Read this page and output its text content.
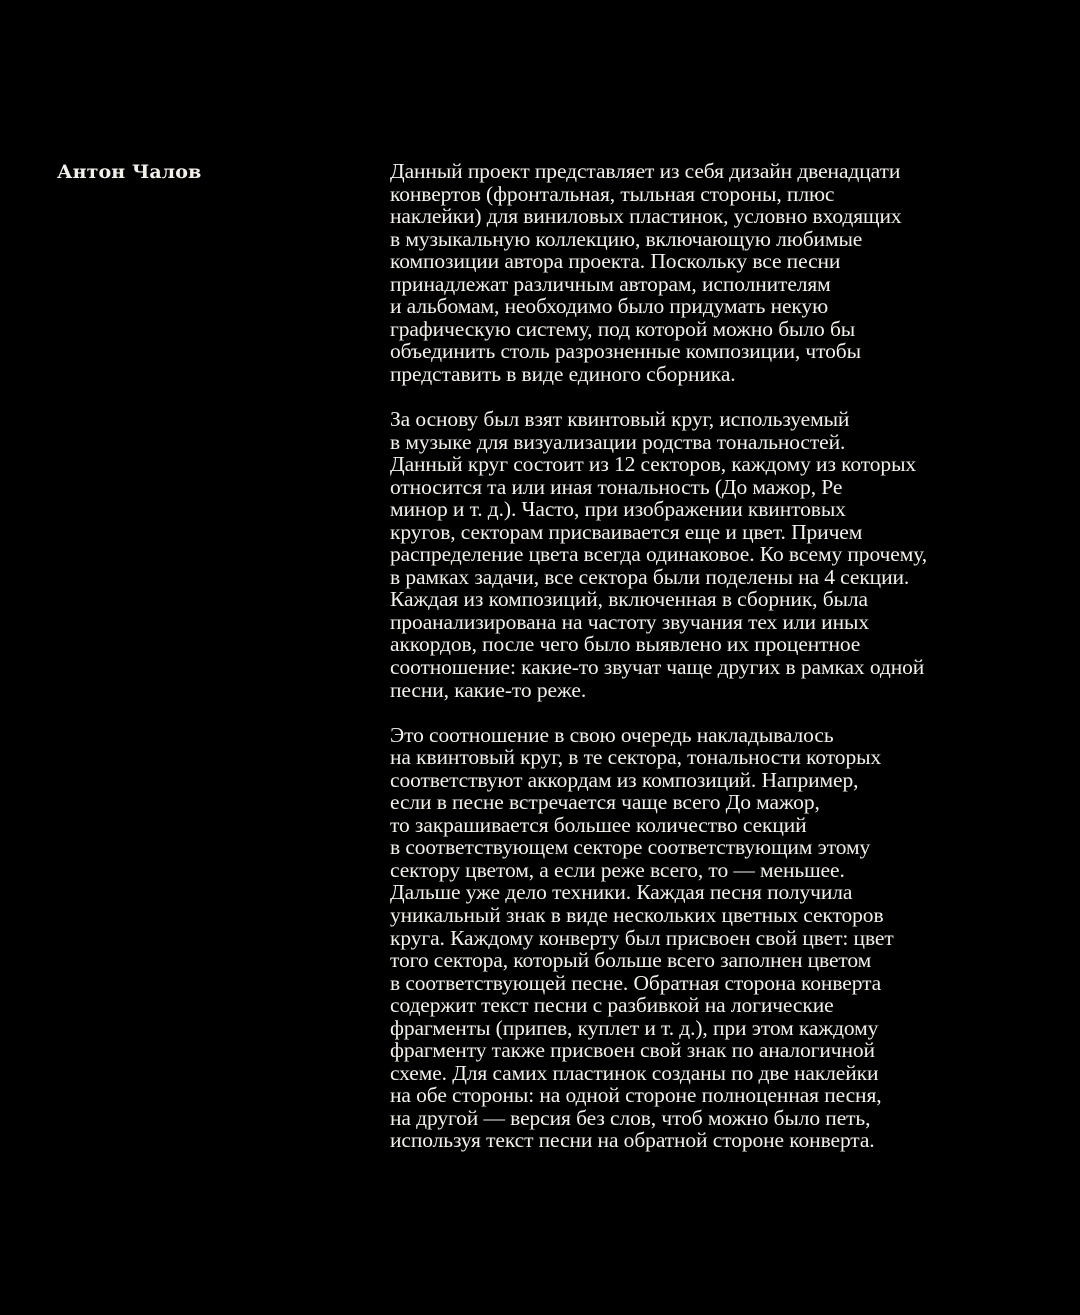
Антон Чалов	Данный проект представляет из себя дизайн двенадцати
конвертов (фронтальная, тыльная стороны, плюс
наклейки) для виниловых пластинок, условно входящих
в музыкальную коллекцию, включающую любимые
композиции автора проекта. Поскольку все песни
принадлежат различным авторам, исполнителям
и альбомам, необходимо было придумать некую
графическую систему, под которой можно было бы
объединить столь разрозненные композиции, чтобы
представить в виде единого сборника.

За основу был взят квинтовый круг, используемый
в музыке для визуализации родства тональностей.
Данный круг состоит из 12 секторов, каждому из которых
относится та или иная тональность (До мажор, Ре
минор и т. д.). Часто, при изображении квинтовых
кругов, секторам присваивается еще и цвет. Причем
распределение цвета всегда одинаковое. Ко всему прочему,
в рамках задачи, все сектора были поделены на 4 секции.
Каждая из композиций, включенная в сборник, была
проанализирована на частоту звучания тех или иных
аккордов, после чего было выявлено их процентное
соотношение: какие-то звучат чаще других в рамках одной
песни, какие-то реже.

Это соотношение в свою очередь накладывалось
на квинтовый круг, в те сектора, тональности которых
соответствуют аккордам из композиций. Например,
если в песне встречается чаще всего До мажор,
то закрашивается большее количество секций
в соответствующем секторе соответствующим этому
сектору цветом, а если реже всего, то — меньшее.
Дальше уже дело техники. Каждая песня получила
уникальный знак в виде нескольких цветных секторов
круга. Каждому конверту был присвоен свой цвет: цвет
того сектора, который больше всего заполнен цветом
в соответствующей песне. Обратная сторона конверта
содержит текст песни с разбивкой на логические
фрагменты (припев, куплет и т. д.), при этом каждому
фрагменту также присвоен свой знак по аналогичной
схеме. Для самих пластинок созданы по две наклейки
на обе стороны: на одной стороне полноценная песня,
на другой — версия без слов, чтоб можно было петь,
используя текст песни на обратной стороне конверта.
